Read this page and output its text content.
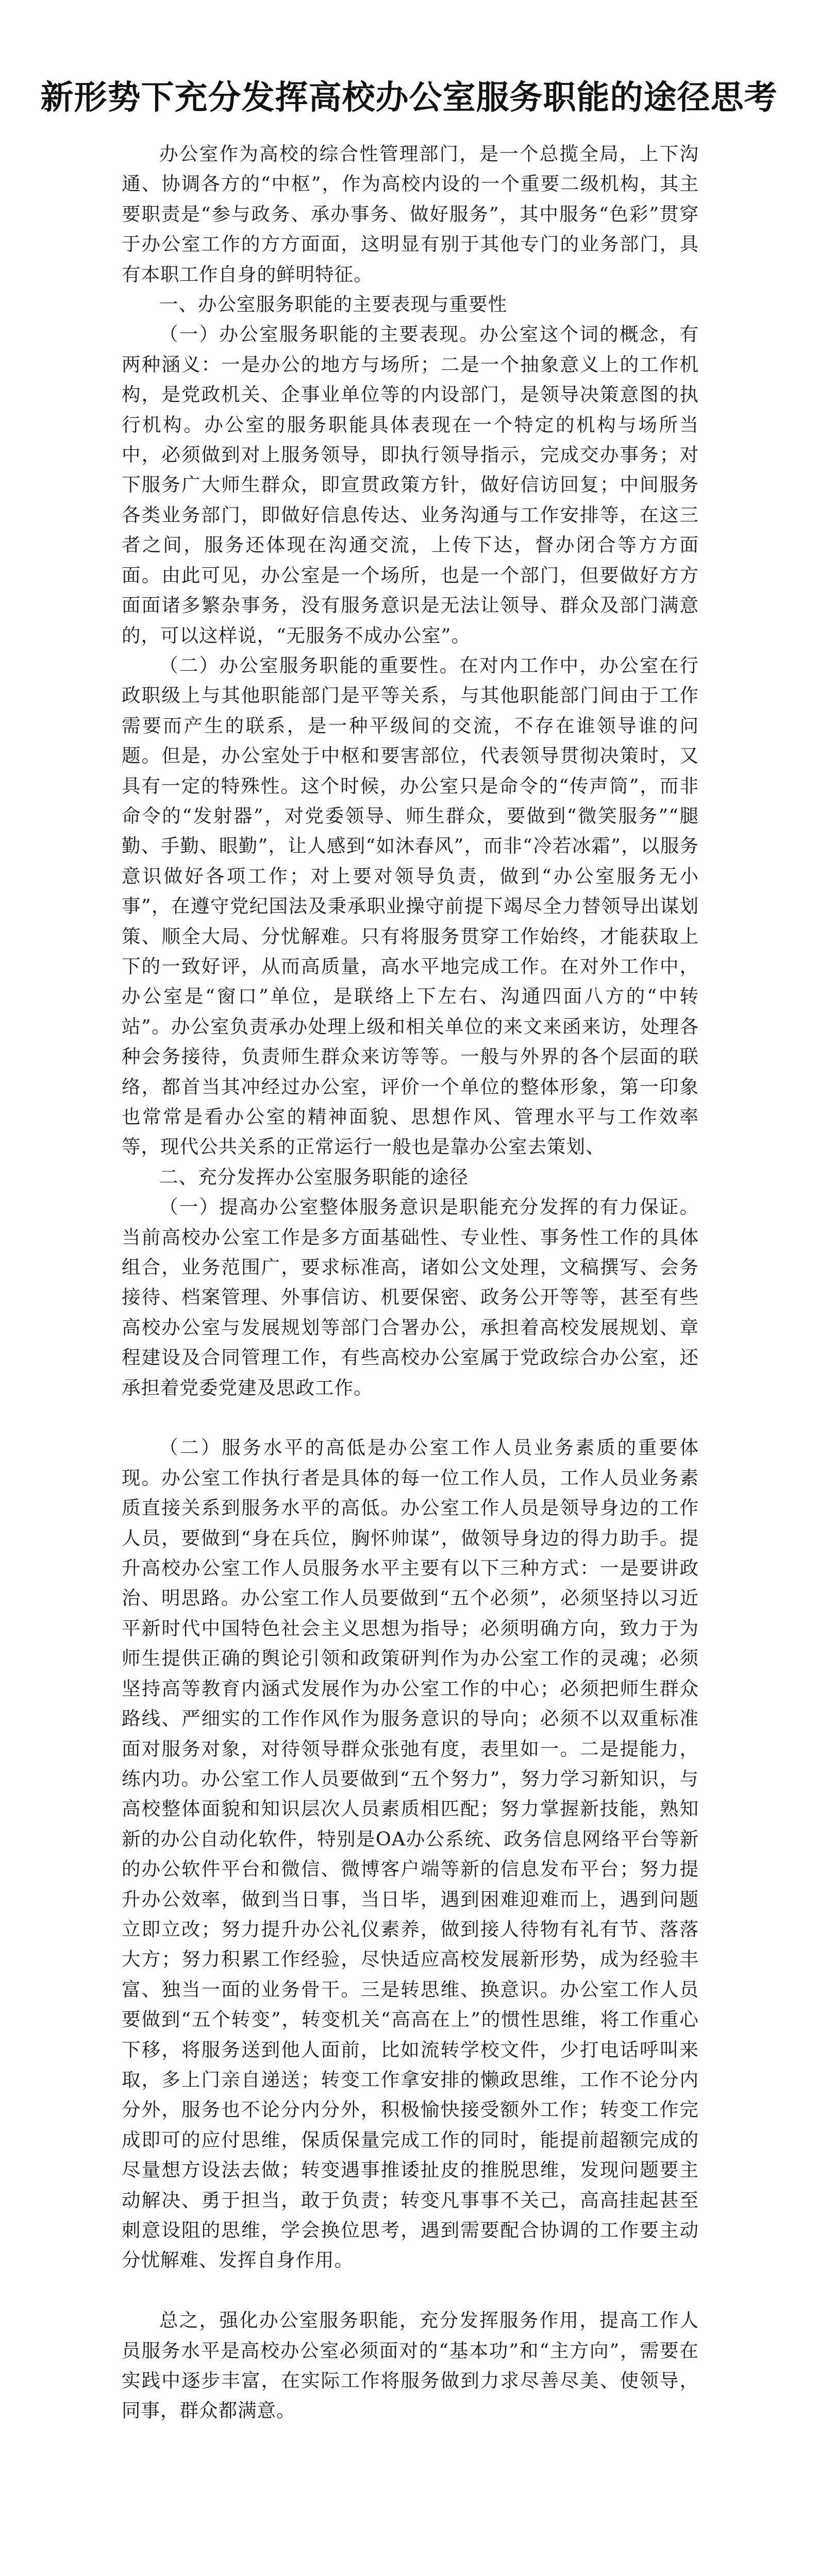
新形势下充分发挥高校办公室服务职能的途径思考

办公室作为高校的综合性管理部门，是一个总揽全局，上下沟通、协调各方的“中枢”，作为高校内设的一个重要二级机构，其主要职责是“参与政务、承办事务、做好服务”，其中服务“色彩”贯穿于办公室工作的方方面面，这明显有别于其他专门的业务部门，具有本职工作自身的鲜明特征。

一、办公室服务职能的主要表现与重要性

（一）办公室服务职能的主要表现。办公室这个词的概念，有两种涵义：一是办公的地方与场所；二是一个抽象意义上的工作机构，是党政机关、企事业单位等的内设部门，是领导决策意图的执行机构。办公室的服务职能具体表现在一个特定的机构与场所当中，必须做到对上服务领导，即执行领导指示，完成交办事务；对下服务广大师生群众，即宣贯政策方针，做好信访回复；中间服务各类业务部门，即做好信息传达、业务沟通与工作安排等，在这三者之间，服务还体现在沟通交流，上传下达，督办闭合等方方面面。由此可见，办公室是一个场所，也是一个部门，但要做好方方面面诸多繁杂事务，没有服务意识是无法让领导、群众及部门满意的，可以这样说，“无服务不成办公室”。

（二）办公室服务职能的重要性。在对内工作中，办公室在行政职级上与其他职能部门是平等关系，与其他职能部门间由于工作需要而产生的联系，是一种平级间的交流，不存在谁领导谁的问题。但是，办公室处于中枢和要害部位，代表领导贯彻决策时，又具有一定的特殊性。这个时候，办公室只是命令的“传声筒”，而非命令的“发射器”，对党委领导、师生群众，要做到“微笑服务”“腿勤、手勤、眼勤”，让人感到“如沐春风”，而非“冷若冰霜”，以服务意识做好各项工作；对上要对领导负责，做到“办公室服务无小事”，在遵守党纪国法及秉承职业操守前提下竭尽全力替领导出谋划策、顺全大局、分忧解难。只有将服务贯穿工作始终，才能获取上下的一致好评，从而高质量，高水平地完成工作。在对外工作中，办公室是“窗口”单位，是联络上下左右、沟通四面八方的“中转站”。办公室负责承办处理上级和相关单位的来文来函来访，处理各种会务接待，负责师生群众来访等等。一般与外界的各个层面的联络，都首当其冲经过办公室，评价一个单位的整体形象，第一印象也常常是看办公室的精神面貌、思想作风、管理水平与工作效率等，现代公共关系的正常运行一般也是靠办公室去策划、

二、充分发挥办公室服务职能的途径

（一）提高办公室整体服务意识是职能充分发挥的有力保证。当前高校办公室工作是多方面基础性、专业性、事务性工作的具体组合，业务范围广，要求标准高，诸如公文处理，文稿撰写、会务接待、档案管理、外事信访、机要保密、政务公开等等，甚至有些高校办公室与发展规划等部门合署办公，承担着高校发展规划、章程建设及合同管理工作，有些高校办公室属于党政综合办公室，还承担着党委党建及思政工作。

（二）服务水平的高低是办公室工作人员业务素质的重要体现。办公室工作执行者是具体的每一位工作人员，工作人员业务素质直接关系到服务水平的高低。办公室工作人员是领导身边的工作人员，要做到“身在兵位，胸怀帅谋”，做领导身边的得力助手。提升高校办公室工作人员服务水平主要有以下三种方式：一是要讲政治、明思路。办公室工作人员要做到“五个必须”，必须坚持以习近平新时代中国特色社会主义思想为指导；必须明确方向，致力于为师生提供正确的舆论引领和政策研判作为办公室工作的灵魂；必须坚持高等教育内涵式发展作为办公室工作的中心；必须把师生群众路线、严细实的工作作风作为服务意识的导向；必须不以双重标准面对服务对象，对待领导群众张弛有度，表里如一。二是提能力，练内功。办公室工作人员要做到“五个努力”，努力学习新知识，与高校整体面貌和知识层次人员素质相匹配；努力掌握新技能，熟知新的办公自动化软件，特别是OA办公系统、政务信息网络平台等新的办公软件平台和微信、微博客户端等新的信息发布平台；努力提升办公效率，做到当日事，当日毕，遇到困难迎难而上，遇到问题立即立改；努力提升办公礼仪素养，做到接人待物有礼有节、落落大方；努力积累工作经验，尽快适应高校发展新形势，成为经验丰富、独当一面的业务骨干。三是转思维、换意识。办公室工作人员要做到“五个转变”，转变机关“高高在上”的惯性思维，将工作重心下移，将服务送到他人面前，比如流转学校文件，少打电话呼叫来取，多上门亲自递送；转变工作拿安排的懒政思维，工作不论分内分外，服务也不论分内分外，积极愉快接受额外工作；转变工作完成即可的应付思维，保质保量完成工作的同时，能提前超额完成的尽量想方设法去做；转变遇事推诿扯皮的推脱思维，发现问题要主动解决、勇于担当，敢于负责；转变凡事事不关己，高高挂起甚至刺意设阻的思维，学会换位思考，遇到需要配合协调的工作要主动分忧解难、发挥自身作用。

总之，强化办公室服务职能，充分发挥服务作用，提高工作人员服务水平是高校办公室必须面对的“基本功”和“主方向”，需要在实践中逐步丰富，在实际工作将服务做到力求尽善尽美、使领导，同事，群众都满意。
